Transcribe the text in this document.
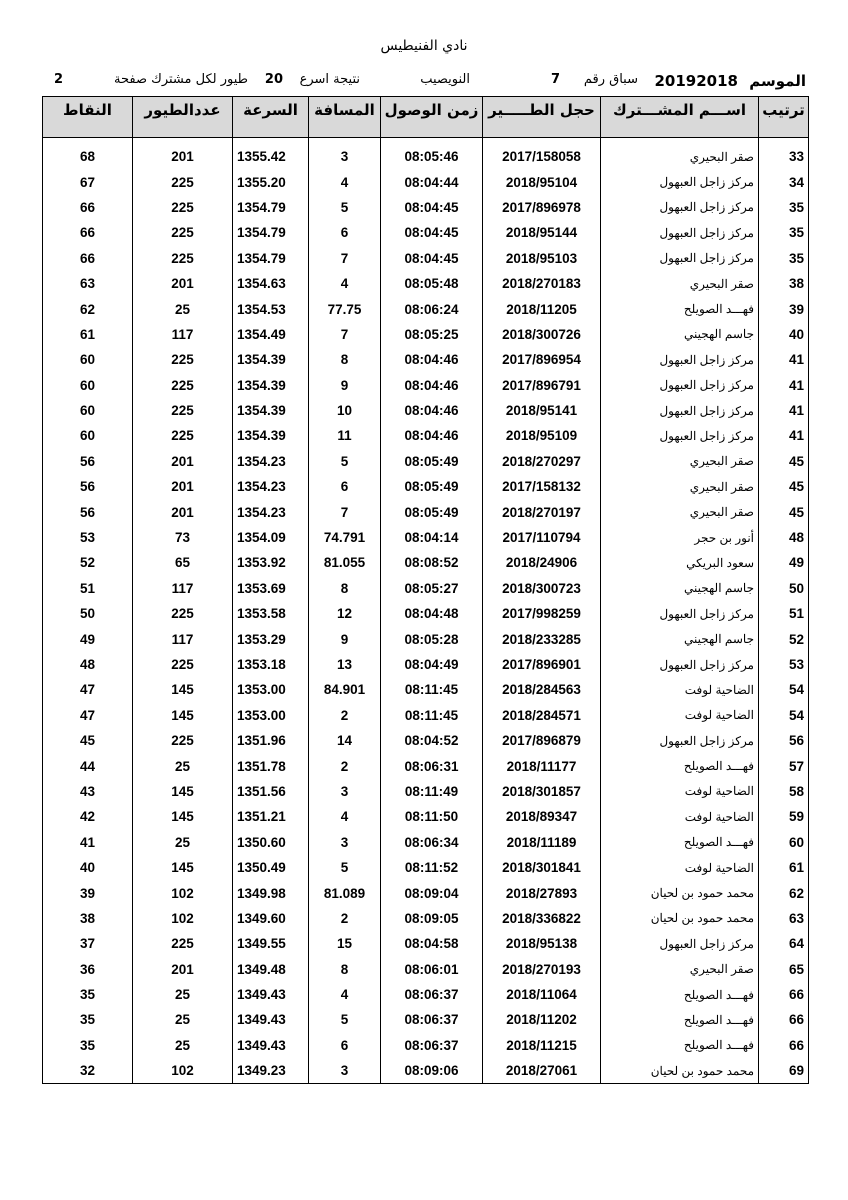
نادي الفنيطيس
الموسم
20192018
سباق رقم
7
النويصيب
نتيجة اسرع
20
طيور لكل مشترك صفحة
2
ترتيب	اســـم المشـــترك	حجل الطـــــير	زمن الوصول	المسافة	السرعة	عددالطيور	النقاط

33	صقر البحيري	2017/158058	08:05:46	3	1355.42	201	68
34	مركز زاجل العبهول	2018/95104	08:04:44	4	1355.20	225	67
35	مركز زاجل العبهول	2017/896978	08:04:45	5	1354.79	225	66
35	مركز زاجل العبهول	2018/95144	08:04:45	6	1354.79	225	66
35	مركز زاجل العبهول	2018/95103	08:04:45	7	1354.79	225	66
38	صقر البحيري	2018/270183	08:05:48	4	1354.63	201	63
39	فهـــد الصويلح	2018/11205	08:06:24	77.75	1354.53	25	62
40	جاسم الهجيني	2018/300726	08:05:25	7	1354.49	117	61
41	مركز زاجل العبهول	2017/896954	08:04:46	8	1354.39	225	60
41	مركز زاجل العبهول	2017/896791	08:04:46	9	1354.39	225	60
41	مركز زاجل العبهول	2018/95141	08:04:46	10	1354.39	225	60
41	مركز زاجل العبهول	2018/95109	08:04:46	11	1354.39	225	60
45	صقر البحيري	2018/270297	08:05:49	5	1354.23	201	56
45	صقر البحيري	2017/158132	08:05:49	6	1354.23	201	56
45	صقر البحيري	2018/270197	08:05:49	7	1354.23	201	56
48	أنور بن حجر	2017/110794	08:04:14	74.791	1354.09	73	53
49	سعود البريكي	2018/24906	08:08:52	81.055	1353.92	65	52
50	جاسم الهجيني	2018/300723	08:05:27	8	1353.69	117	51
51	مركز زاجل العبهول	2017/998259	08:04:48	12	1353.58	225	50
52	جاسم الهجيني	2018/233285	08:05:28	9	1353.29	117	49
53	مركز زاجل العبهول	2017/896901	08:04:49	13	1353.18	225	48
54	الضاحية لوفت	2018/284563	08:11:45	84.901	1353.00	145	47
54	الضاحية لوفت	2018/284571	08:11:45	2	1353.00	145	47
56	مركز زاجل العبهول	2017/896879	08:04:52	14	1351.96	225	45
57	فهـــد الصويلح	2018/11177	08:06:31	2	1351.78	25	44
58	الضاحية لوفت	2018/301857	08:11:49	3	1351.56	145	43
59	الضاحية لوفت	2018/89347	08:11:50	4	1351.21	145	42
60	فهـــد الصويلح	2018/11189	08:06:34	3	1350.60	25	41
61	الضاحية لوفت	2018/301841	08:11:52	5	1350.49	145	40
62	محمد حمود بن لحيان	2018/27893	08:09:04	81.089	1349.98	102	39
63	محمد حمود بن لحيان	2018/336822	08:09:05	2	1349.60	102	38
64	مركز زاجل العبهول	2018/95138	08:04:58	15	1349.55	225	37
65	صقر البحيري	2018/270193	08:06:01	8	1349.48	201	36
66	فهـــد الصويلح	2018/11064	08:06:37	4	1349.43	25	35
66	فهـــد الصويلح	2018/11202	08:06:37	5	1349.43	25	35
66	فهـــد الصويلح	2018/11215	08:06:37	6	1349.43	25	35
69	محمد حمود بن لحيان	2018/27061	08:09:06	3	1349.23	102	32
